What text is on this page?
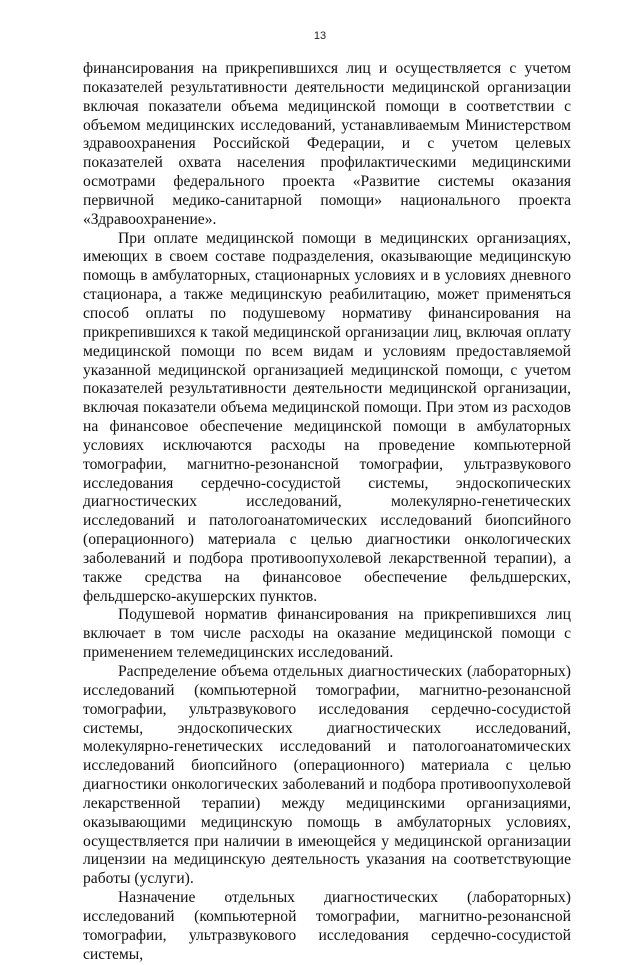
13

финансирования на прикрепившихся лиц и осуществляется с учетом показателей результативности деятельности медицинской организации включая показатели объема медицинской помощи в соответствии с объемом медицинских исследований, устанавливаемым Министерством здравоохранения Российской Федерации, и с учетом целевых показателей охвата населения профилактическими медицинскими осмотрами федерального проекта «Развитие системы оказания первичной медико-санитарной помощи» национального проекта «Здравоохранение».

При оплате медицинской помощи в медицинских организациях, имеющих в своем составе подразделения, оказывающие медицинскую помощь в амбулаторных, стационарных условиях и в условиях дневного стационара, а также медицинскую реабилитацию, может применяться способ оплаты по подушевому нормативу финансирования на прикрепившихся к такой медицинской организации лиц, включая оплату медицинской помощи по всем видам и условиям предоставляемой указанной медицинской организацией медицинской помощи, с учетом показателей результативности деятельности медицинской организации, включая показатели объема медицинской помощи. При этом из расходов на финансовое обеспечение медицинской помощи в амбулаторных условиях исключаются расходы на проведение компьютерной томографии, магнитно-резонансной томографии, ультразвукового исследования сердечно-сосудистой системы, эндоскопических диагностических исследований, молекулярно-генетических исследований и патологоанатомических исследований биопсийного (операционного) материала с целью диагностики онкологических заболеваний и подбора противоопухолевой лекарственной терапии), а также средства на финансовое обеспечение фельдшерских, фельдшерско-акушерских пунктов.

Подушевой норматив финансирования на прикрепившихся лиц включает в том числе расходы на оказание медицинской помощи с применением телемедицинских исследований.

Распределение объема отдельных диагностических (лабораторных) исследований (компьютерной томографии, магнитно-резонансной томографии, ультразвукового исследования сердечно-сосудистой системы, эндоскопических диагностических исследований, молекулярно-генетических исследований и патологоанатомических исследований биопсийного (операционного) материала с целью диагностики онкологических заболеваний и подбора противоопухолевой лекарственной терапии) между медицинскими организациями, оказывающими медицинскую помощь в амбулаторных условиях, осуществляется при наличии в имеющейся у медицинской организации лицензии на медицинскую деятельность указания на соответствующие работы (услуги).

Назначение отдельных диагностических (лабораторных) исследований (компьютерной томографии, магнитно-резонансной томографии, ультразвукового исследования сердечно-сосудистой системы,
